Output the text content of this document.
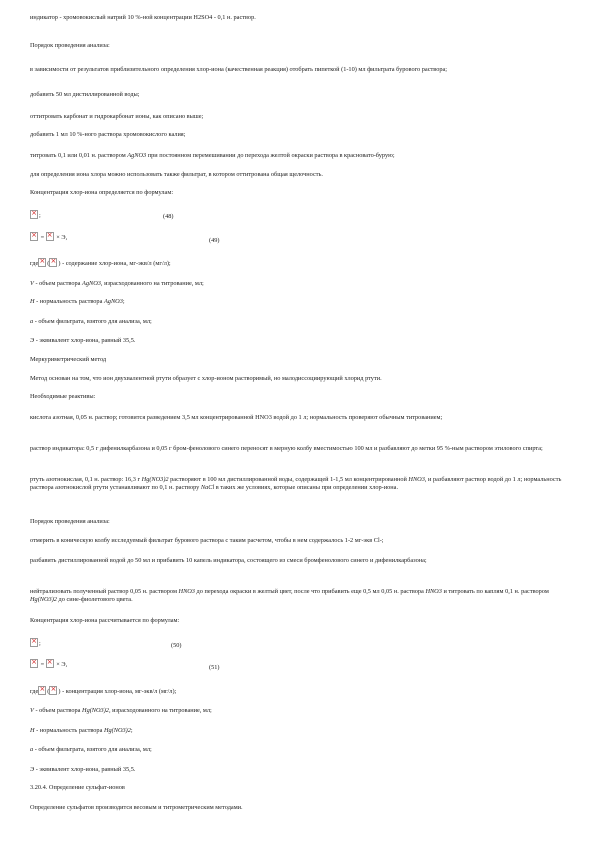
индикатор - хромовокислый натрий 10 %-ной концентрации H2SO4 - 0,1 н. раствор.
Порядок проведения анализа:
в зависимости от результатов приблизительного определения хлор-иона (качественная реакция) отобрать пипеткой (1-10) мл фильтрата бурового раствора;
добавить 50 мл дистиллированной воды;
оттитровать карбонат и гидрокарбонат ионы, как описано выше;
добавить 1 мл 10 %-ного раствора хромовокислого калия;
титровать 0,1 или 0,01 н. раствором AgNO3 при постоянном перемешивании до перехода желтой окраски раствора в красновато-бурую;
для определения иона хлора можно использовать также фильтрат, в котором оттитрована общая щелочность.
Концентрация хлор-иона определяется по формулам:
×;	(48)
× = × × Э,	(49)
где × ( × ) - содержание хлор-иона, мг-экв/л (мг/л);
V - объем раствора AgNO3, израсходованного на титрование, мл;
Н - нормальность раствора AgNO3;
а - объем фильтрата, взятого для анализа, мл;
Э - эквивалент хлор-иона, равный 35,5.
Меркуриметрический метод
Метод основан на том, что ион двухвалентной ртути образует с хлор-ионом растворимый, но малодиссоциирующий хлорид ртути.
Необходимые реактивы:
кислота азотная, 0,05 н. раствор; готовится разведением 3,5 мл концентрированной HNO3 водой до 1 л; нормальность проверяют обычным титрованием;
раствор индикатора: 0,5 г дифенилкарбазона и 0,05 г бром-фенолового синего переносят в мерную колбу вместимостью 100 мл и разбавляют до метки 95 %-ным раствором этилового спирта;
ртуть азотнокислая, 0,1 н. раствор: 16,3 г Hg(NO3)2 растворяют в 100 мл дистиллированной воды, содержащей 1-1,5 мл концентрированной HNO3, и разбавляют раствор водой до 1 л; нормальность раствора азотнокислой ртути устанавливают по 0,1 н. раствору NaCl в таких же условиях, которые описаны при определении хлор-иона.
Порядок проведения анализа:
отмерить в коническую колбу исследуемый фильтрат бурового раствора с таким расчетом, чтобы в нем содержалось 1-2 мг-экв Cl-;
разбавить дистиллированной водой до 50 мл и прибавить 10 капель индикатора, состоящего из смеси бромфенолового синего и дифенилкарбазона;
нейтрализовать полученный раствор 0,05 н. раствором HNO3 до перехода окраски в желтый цвет, после что прибавить еще 0,5 мл 0,05 н. раствора HNO3 и титровать по каплям 0,1 н. раствором Hg(NO3)2 до сине-фиолетового цвета.
Концентрация хлор-иона рассчитывается по формулам:
×;	(50)
× = × × Э,	(51)
где × ( × ) - концентрация хлор-иона, мг-экв/л (мг/л);
V - объем раствора Hg(NO3)2, израсходованного на титрование, мл;
Н - нормальность раствора Hg(NO3)2;
а - объем фильтрата, взятого для анализа, мл;
Э - эквивалент хлор-иона, равный 35,5.
3.20.4. Определение сульфат-ионов
Определение сульфатов производится весовым и титрометрическим методами.
